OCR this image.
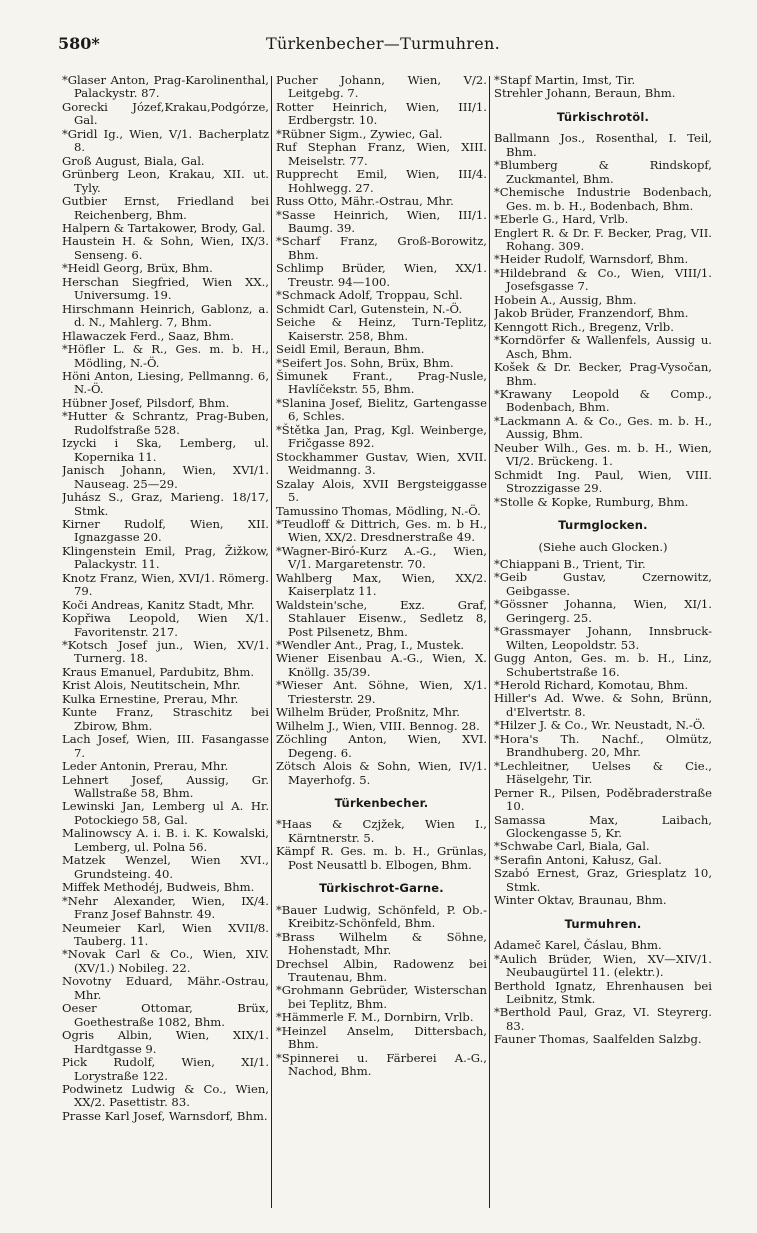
580*	Türkenbecher—Turmuhren.
*Glaser Anton, Prag-Karolinenthal, Palackystr. 87.
Gorecki Józef,Krakau,Podgórze, Gal.
*Gridl Ig., Wien, V/1. Bacherplatz 8.
Groß August, Biala, Gal.
Grünberg Leon, Krakau, XII. ut. Tyly.
Gutbier Ernst, Friedland bei Reichenberg, Bhm.
Halpern & Tartakower, Brody, Gal.
Haustein H. & Sohn, Wien, IX/3. Senseng. 6.
*Heidl Georg, Brüx, Bhm.
Herschan Siegfried, Wien XX., Universumg. 19.
Hirschmann Heinrich, Gablonz, a. d. N., Mahlerg. 7, Bhm.
Hlawaczek Ferd., Saaz, Bhm.
*Höfler L. & R., Ges. m. b. H., Mödling, N.-Ö.
Höni Anton, Liesing, Pellmanng. 6, N.-Ö.
Hübner Josef, Pilsdorf, Bhm.
*Hutter & Schrantz, Prag-Buben, Rudolfstraße 528.
Izycki i Ska, Lemberg, ul. Kopernika 11.
Janisch Johann, Wien, XVI/1. Nauseag. 25—29.
Juhász S., Graz, Marieng. 18/17, Stmk.
Kirner Rudolf, Wien, XII. Ignazgasse 20.
Klingenstein Emil, Prag, Žižkow, Palackystr. 11.
Knotz Franz, Wien, XVI/1. Römerg. 79.
Koči Andreas, Kanitz Stadt, Mhr.
Kopřiwa Leopold, Wien X/1. Favoritenstr. 217.
*Kotsch Josef jun., Wien, XV/1. Turnerg. 18.
Kraus Emanuel, Pardubitz, Bhm.
Krist Alois, Neutitschein, Mhr.
Kulka Ernestine, Prerau, Mhr.
Kunte Franz, Straschitz bei Zbirow, Bhm.
Lach Josef, Wien, III. Fasangasse 7.
Leder Antonin, Prerau, Mhr.
Lehnert Josef, Aussig, Gr. Wallstraße 58, Bhm.
Lewinski Jan, Lemberg ul A. Hr. Potockiego 58, Gal.
Malinowscy A. i. B. i. K. Kowalski, Lemberg, ul. Polna 56.
Matzek Wenzel, Wien XVI., Grundsteing. 40.
Miffek Methodéj, Budweis, Bhm.
*Nehr Alexander, Wien, IX/4. Franz Josef Bahnstr. 49.
Neumeier Karl, Wien XVII/8. Tauberg. 11.
*Novak Carl & Co., Wien, XIV. (XV/1.) Nobileg. 22.
Novotny Eduard, Mähr.-Ostrau, Mhr.
Oeser Ottomar, Brüx, Goethestraße 1082, Bhm.
Ogris Albin, Wien, XIX/1. Hardtgasse 9.
Pick Rudolf, Wien, XI/1. Lorystraße 122.
Podwinetz Ludwig & Co., Wien, XX/2. Pasettistr. 83.
Prasse Karl Josef, Warnsdorf, Bhm.
Pucher Johann, Wien, V/2. Leitgebg. 7.
Rotter Heinrich, Wien, III/1. Erdbergstr. 10.
*Rübner Sigm., Zywiec, Gal.
Ruf Stephan Franz, Wien, XIII. Meiselstr. 77.
Rupprecht Emil, Wien, III/4. Hohlwegg. 27.
Russ Otto, Mähr.-Ostrau, Mhr.
*Sasse Heinrich, Wien, III/1. Baumg. 39.
*Scharf Franz, Groß-Borowitz, Bhm.
Schlimp Brüder, Wien, XX/1. Treustr. 94—100.
*Schmack Adolf, Troppau, Schl.
Schmidt Carl, Gutenstein, N.-Ö.
Seiche & Heinz, Turn-Teplitz, Kaiserstr. 258, Bhm.
Seidl Emil, Beraun, Bhm.
*Seifert Jos. Sohn, Brüx, Bhm.
Šimunek Frant., Prag-Nusle, Havlíčekstr. 55, Bhm.
*Slanina Josef, Bielitz, Gartengasse 6, Schles.
*Štětka Jan, Prag, Kgl. Weinberge, Fričgasse 892.
Stockhammer Gustav, Wien, XVII. Weidmanng. 3.
Szalay Alois, XVII Bergsteiggasse 5.
Tamussino Thomas, Mödling, N.-Ö.
*Teudloff & Dittrich, Ges. m. b H., Wien, XX/2. Dresdnerstraße 49.
*Wagner-Biró-Kurz A.-G., Wien, V/1. Margaretenstr. 70.
Wahlberg Max, Wien, XX/2. Kaiserplatz 11.
Waldstein'sche, Exz. Graf, Stahlauer Eisenw., Sedletz 8, Post Pilsenetz, Bhm.
*Wendler Ant., Prag, I., Mustek.
Wiener Eisenbau A.-G., Wien, X. Knöllg. 35/39.
*Wieser Ant. Söhne, Wien, X/1. Triesterstr. 29.
Wilhelm Brüder, Proßnitz, Mhr.
Wilhelm J., Wien, VIII. Bennog. 28.
Zöchling Anton, Wien, XVI. Degeng. 6.
Zötsch Alois & Sohn, Wien, IV/1. Mayerhofg. 5.
Türkenbecher.
*Haas & Czjžek, Wien I., Kärntnerstr. 5.
Kämpf R. Ges. m. b. H., Grünlas, Post Neusattl b. Elbogen, Bhm.
Türkischrot-Garne.
*Bauer Ludwig, Schönfeld, P. Ob.-Kreibitz-Schönfeld, Bhm.
*Brass Wilhelm & Söhne, Hohenstadt, Mhr.
Drechsel Albin, Radowenz bei Trautenau, Bhm.
*Grohmann Gebrüder, Wisterschan bei Teplitz, Bhm.
*Hämmerle F. M., Dornbirn, Vrlb.
*Heinzel Anselm, Dittersbach, Bhm.
*Spinnerei u. Färberei A.-G., Nachod, Bhm.
*Stapf Martin, Imst, Tir.
Strehler Johann, Beraun, Bhm.
Türkischrotöl.
Ballmann Jos., Rosenthal, I. Teil, Bhm.
*Blumberg & Rindskopf, Zuckmantel, Bhm.
*Chemische Industrie Bodenbach, Ges. m. b. H., Bodenbach, Bhm.
*Eberle G., Hard, Vrlb.
Englert R. & Dr. F. Becker, Prag, VII. Rohang. 309.
*Heider Rudolf, Warnsdorf, Bhm.
*Hildebrand & Co., Wien, VIII/1. Josefsgasse 7.
Hobein A., Aussig, Bhm.
Jakob Brüder, Franzendorf, Bhm.
Kenngott Rich., Bregenz, Vrlb.
*Korndörfer & Wallenfels, Aussig u. Asch, Bhm.
Košek & Dr. Becker, Prag-Vysočan, Bhm.
*Krawany Leopold & Comp., Bodenbach, Bhm.
*Lackmann A. & Co., Ges. m. b. H., Aussig, Bhm.
Neuber Wilh., Ges. m. b. H., Wien, VI/2. Brückeng. 1.
Schmidt Ing. Paul, Wien, VIII. Strozzigasse 29.
*Stolle & Kopke, Rumburg, Bhm.
Turmglocken.
(Siehe auch Glocken.)
*Chiappani B., Trient, Tir.
*Geib Gustav, Czernowitz, Geibgasse.
*Gössner Johanna, Wien, XI/1. Geringerg. 25.
*Grassmayer Johann, Innsbruck-Wilten, Leopoldstr. 53.
Gugg Anton, Ges. m. b. H., Linz, Schubertstraße 16.
*Herold Richard, Komotau, Bhm.
Hiller's Ad. Wwe. & Sohn, Brünn, d'Elvertstr. 8.
*Hilzer J. & Co., Wr. Neustadt, N.-Ö.
*Hora's Th. Nachf., Olmütz, Brandhuberg. 20, Mhr.
*Lechleitner, Uelses & Cie., Häselgehr, Tir.
Perner R., Pilsen, Poděbraderstraße 10.
Samassa Max, Laibach, Glockengasse 5, Kr.
*Schwabe Carl, Biala, Gal.
*Serafin Antoni, Kałusz, Gal.
Szabó Ernest, Graz, Griesplatz 10, Stmk.
Winter Oktav, Braunau, Bhm.
Turmuhren.
Adameč Karel, Čáslau, Bhm.
*Aulich Brüder, Wien, XV—XIV/1. Neubaugürtel 11. (elektr.).
Berthold Ignatz, Ehrenhausen bei Leibnitz, Stmk.
*Berthold Paul, Graz, VI. Steyrerg. 83.
Fauner Thomas, Saalfelden Salzbg.
